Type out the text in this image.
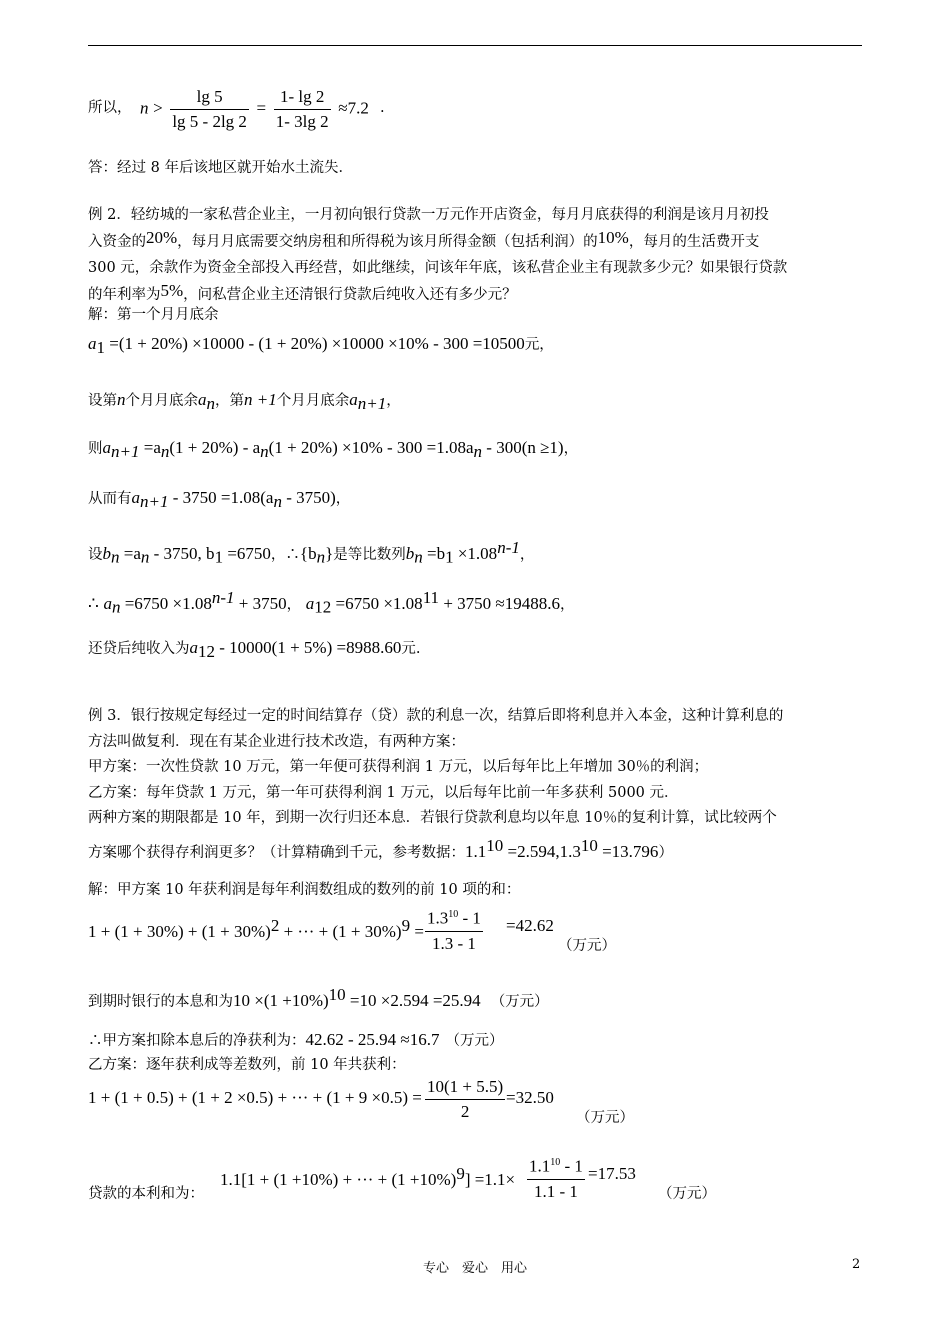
所以， $n > \frac{\lg 5}{\lg 5 - 2\lg 2} = \frac{1- \lg 2}{1- 3\lg 2} \approx 7.2$ .
答：经过 8 年后该地区就开始水土流失．
例 2．轻纺城的一家私营企业主，一月初向银行贷款一万元作开店资金，每月月底获得的利润是该月月初投
入资金的20%，每月月底需要交纳房租和所得税为该月所得金额（包括利润）的10%，每月的生活费开支
300 元，余款作为资金全部投入再经营，如此继续，问该年年底，该私营企业主有现款多少元？如果银行贷款
的年利率为5%，问私营企业主还清银行贷款后纯收入还有多少元？
解：第一个月月底余
$a_1 =(1 + 20\%) \times 10000 - (1 + 20\%) \times 10000 \times 10\% - 300 =10500$元，
设第n个月月底余$a_n$，第n +1个月月底余$a_{n+1}$，
则$a_{n+1} =a_n(1 + 20\%) - a_n(1 + 20\%) \times 10\% - 300 =1.08a_n - 300(n \ge 1)$，
从而有$a_{n+1} - 3750 =1.08(a_n - 3750)$，
设$b_n =a_n - 3750$, $b_1 =6750$，$\therefore\{b_n\}$是等比数列$b_n =b_1 \times 1.08^{n-1}$，
∴ $a_n =6750 \times 1.08^{n-1} + 3750$， $a_{12} =6750 \times 1.08^{11} + 3750 \approx 19488.6$，
还贷后纯收入为$a_{12} - 10000(1 + 5\%) =8988.60$元.
例 3．银行按规定每经过一定的时间结算存（贷）款的利息一次，结算后即将利息并入本金，这种计算利息的
方法叫做复利．现在有某企业进行技术改造，有两种方案：
甲方案：一次性贷款 10 万元，第一年便可获得利润 1 万元，以后每年比上年增加 30％的利润；
乙方案：每年贷款 1 万元，第一年可获得利润 1 万元，以后每年比前一年多获利 5000 元．
两种方案的期限都是 10 年，到期一次行归还本息．若银行贷款利息均以年息 10％的复利计算，试比较两个
方案哪个获得存利润更多？（计算精确到千元，参考数据：$1.1^{10} =2.594,1.3^{10} =13.796$）
解：甲方案 10 年获利润是每年利润数组成的数列的前 10 项的和：
$1 + (1 + 30\%) + (1 + 30\%)^2$ + ··· + $(1 + 30\%)^9 = \frac{1.3^{10} - 1}{1.3 - 1} =42.62$
（万元）
到期时银行的本息和为$10 \times(1 +10\%)^{10} =10 \times 2.594 =25.94$ （万元）
∴甲方案扣除本息后的净获利为：42.62 - 25.94 ≈16.7 （万元）
乙方案：逐年获利成等差数列，前 10 年共获利：
1 + (1 + 0.5) + (1 + 2 ×0.5) + ··· + $(1 + 9 \times 0.5) = \frac{10(1 + 5.5)}{2} =32.50$
（万元）
贷款的本利和为：
1.1[1 + (1 +10%) + ··· + $(1 +10\%)^9] =1.1\times \frac{1.1^{10} - 1}{1.1 - 1} =17.53$
（万元）
专心　爱心　用心	2
